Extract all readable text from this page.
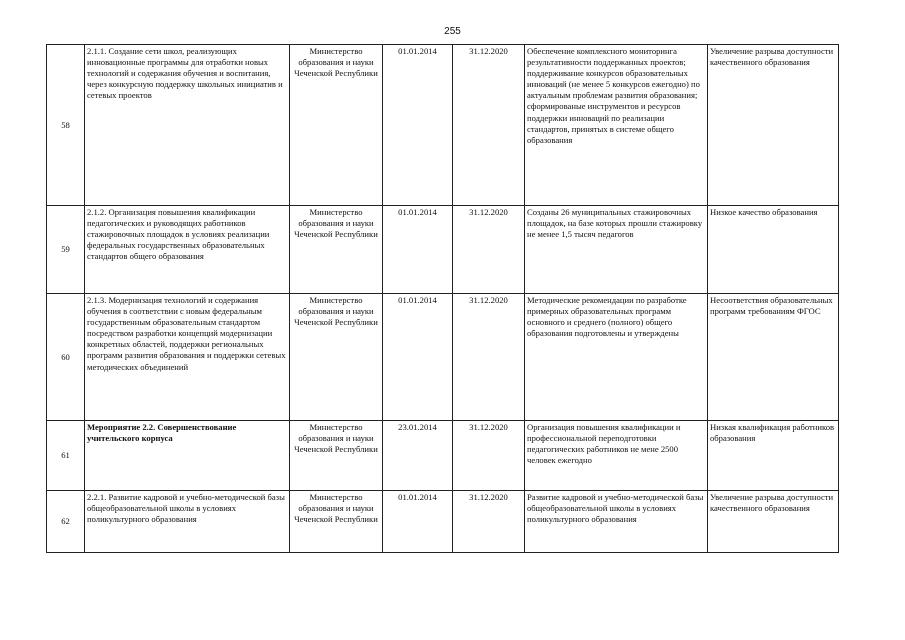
255
58	2.1.1. Создание сети школ, реализующих инновационные программы для отработки новых технологий и содержания обучения и воспитания, через конкурсную поддержку школьных инициатив и сетевых проектов	Министерство образования и науки Чеченской Республики	01.01.2014	31.12.2020	Обеспечение комплексного мониторинга результативности поддержанных проектов; поддерживание конкурсов образовательных инноваций (не менее 5 конкурсов ежегодно) по актуальным проблемам развития образования; сформированые инструментов и ресурсов поддержки инноваций по реализации стандартов, принятых в системе общего образования	Увеличение разрыва доступности качественного образования
59	2.1.2. Организация повышения квалификации педагогических и руководящих работников стажировочных площадок в условиях реализации федеральных государственных образовательных стандартов общего образования	Министерство образования и науки Чеченской Республики	01.01.2014	31.12.2020	Созданы 26 муниципальных стажировочных площадок, на базе которых прошли стажировку не менее 1,5 тысяч педагогов	Низкое качество образования
60	2.1.3. Модернизация технологий и содержания обучения в соответствии с новым федеральным государственным образовательным стандартом посредством разработки концепций модернизации конкретных областей, поддержки региональных программ развития образования и поддержки сетевых методических объединений	Министерство образования и науки Чеченской Республики	01.01.2014	31.12.2020	Методические рекомендации по разработке примерных образовательных программ основного и среднего (полного) общего образования подготовлены и утверждены	Несоответствия образовательных программ требованиям ФГОС
61	Мероприятие 2.2. Совершенствование учительского корпуса	Министерство образования и науки Чеченской Республики	23.01.2014	31.12.2020	Организация повышения квалификации и профессиональной переподготовки педагогических работников не мене 2500 человек ежегодно	Низкая квалификация работников образования
62	2.2.1. Развитие кадровой и учебно-методической базы общеобразовательной школы в условиях поликультурного образования	Министерство образования и науки Чеченской Республики	01.01.2014	31.12.2020	Развитие кадровой и учебно-методической базы общеобразовательной школы в условиях поликультурного образования	Увеличение разрыва доступности качественного образования
